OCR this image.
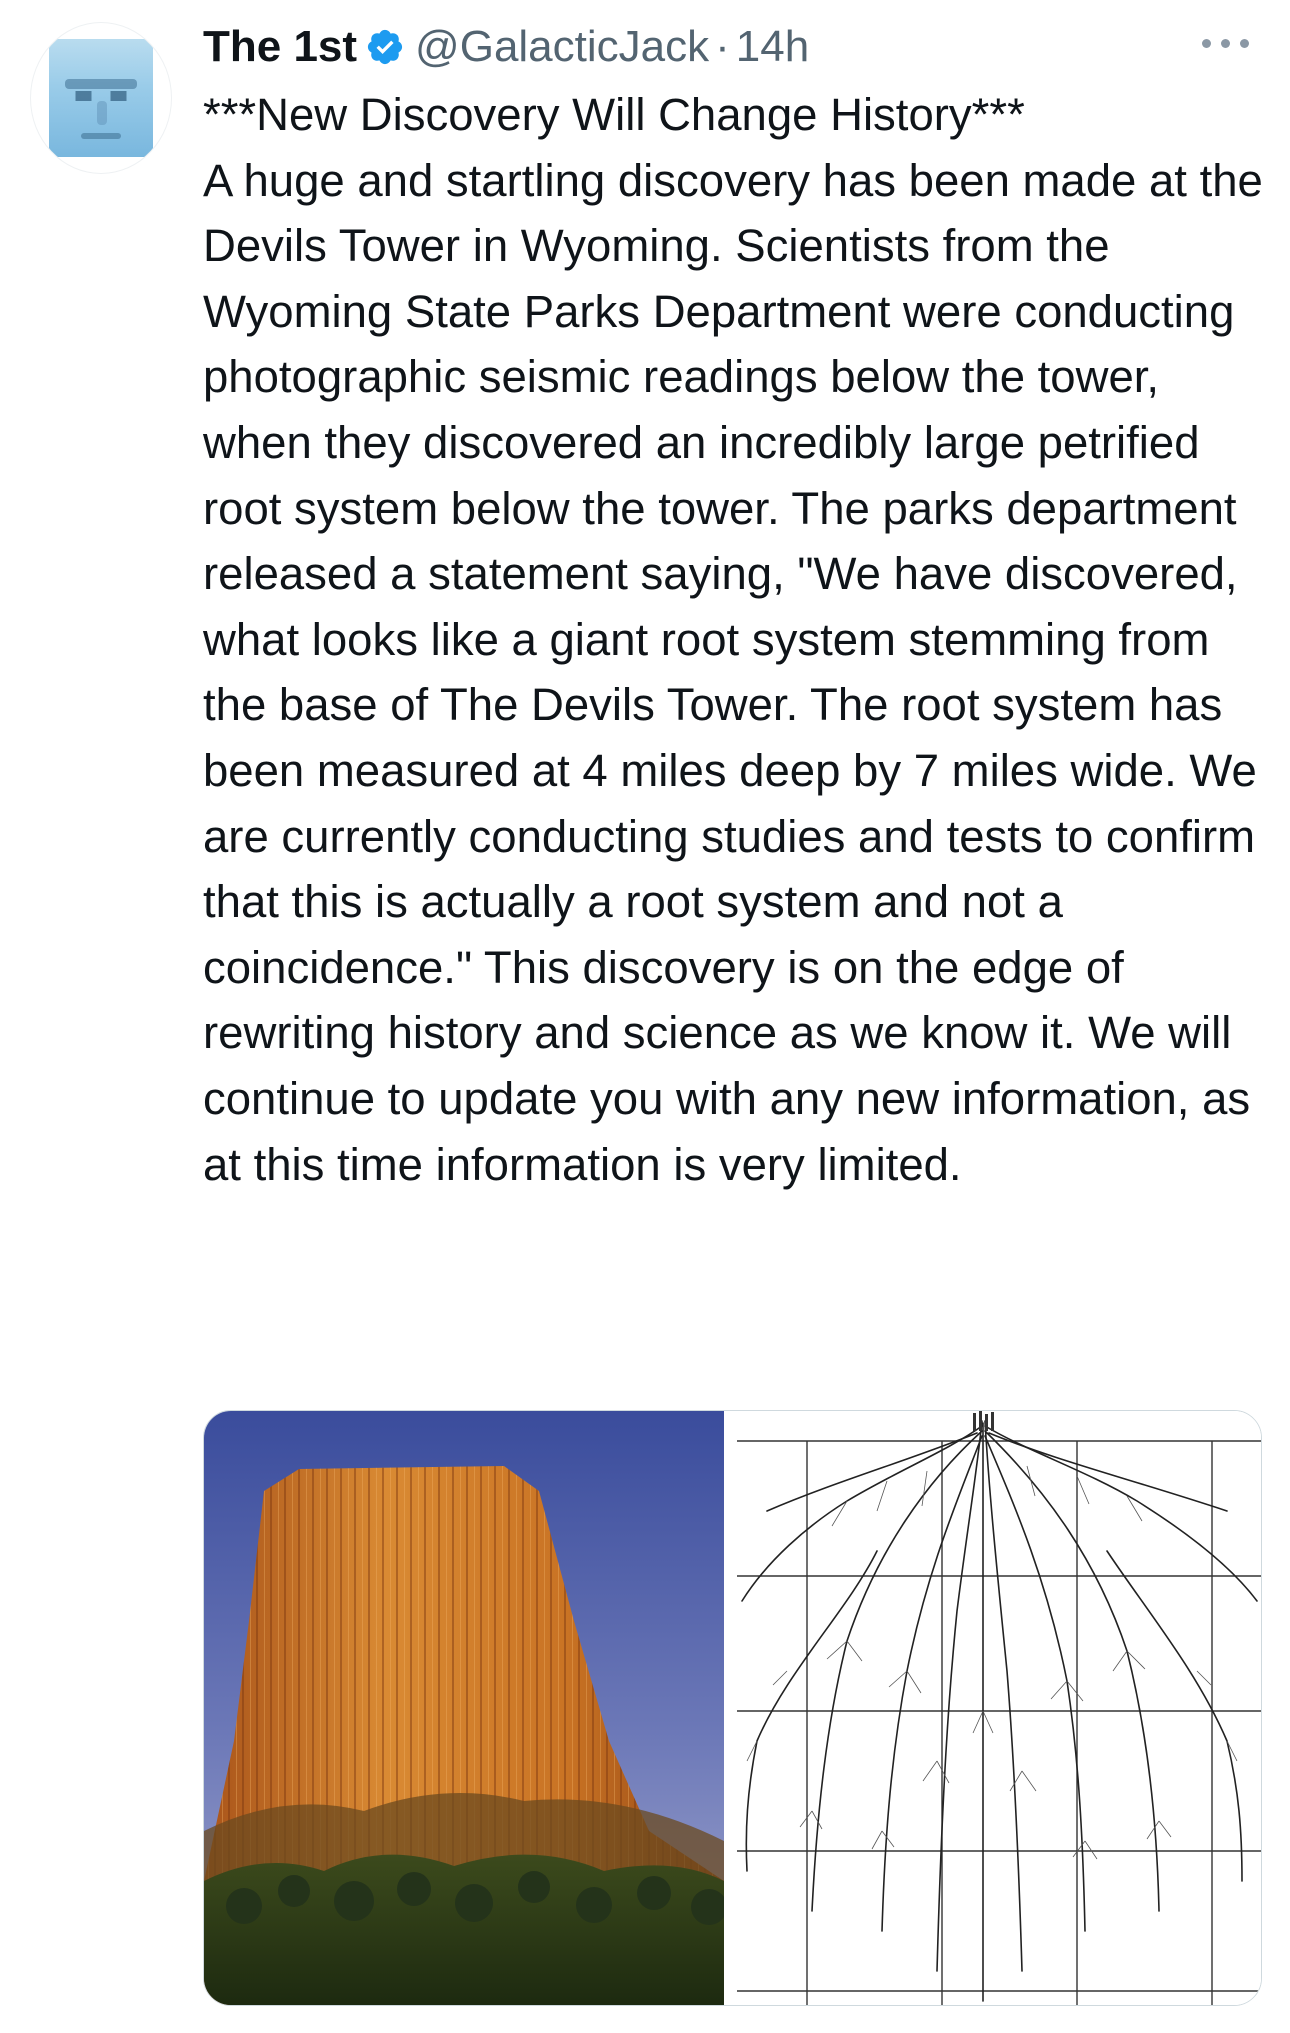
The 1st @GalacticJack · 14h
***New Discovery Will Change History***
A huge and startling discovery has been made at the Devils Tower in Wyoming. Scientists from the Wyoming State Parks Department were conducting photographic seismic readings below the tower, when they discovered an incredibly large petrified root system below the tower. The parks department released a statement saying, "We have discovered, what looks like a giant root system stemming from the base of The Devils Tower. The root system has been measured at 4 miles deep by 7 miles wide. We are currently conducting studies and tests to confirm that this is actually a root system and not a coincidence." This discovery is on the edge of rewriting history and science as we know it. We will continue to update you with any new information, as at this time information is very limited.
